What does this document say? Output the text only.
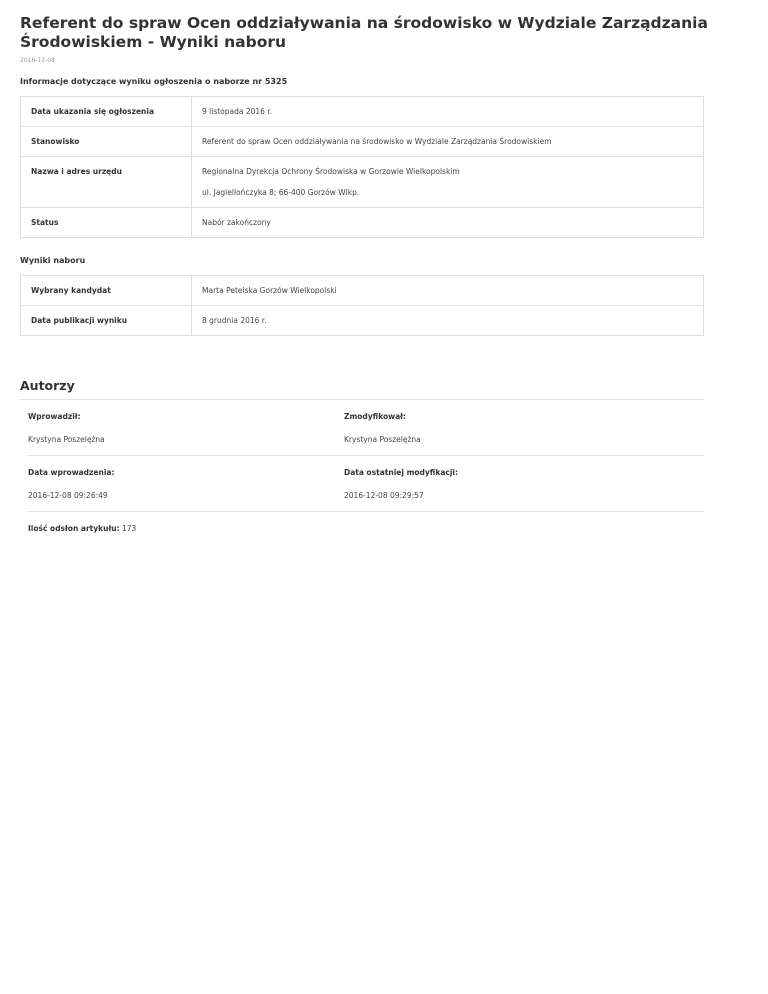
Referent do spraw Ocen oddziaływania na środowisko w Wydziale Zarządzania Środowiskiem - Wyniki naboru
2016-12-08
Informacje dotyczące wyniku ogłoszenia o naborze nr 5325
Data ukazania się ogłoszenia	9 listopada 2016 r.
Stanowisko	Referent do spraw Ocen oddziaływania na środowisko w Wydziale Zarządzania Środowiskiem
Nazwa i adres urzędu	Regionalna Dyrekcja Ochrony Środowiska w Gorzowie Wielkopolskim
ul. Jagiellończyka 8; 66-400 Gorzów Wlkp.
Status	Nabór zakończony
Wyniki naboru
Wybrany kandydat	Marta Petelska Gorzów Wielkopolski
Data publikacji wyniku	8 grudnia 2016 r.
Autorzy
Wprowadził:
Krystyna Poszelężna
Zmodyfikował:
Krystyna Poszelężna
Data wprowadzenia:
2016-12-08 09:26:49
Data ostatniej modyfikacji:
2016-12-08 09:29:57
Ilość odsłon artykułu: 173
